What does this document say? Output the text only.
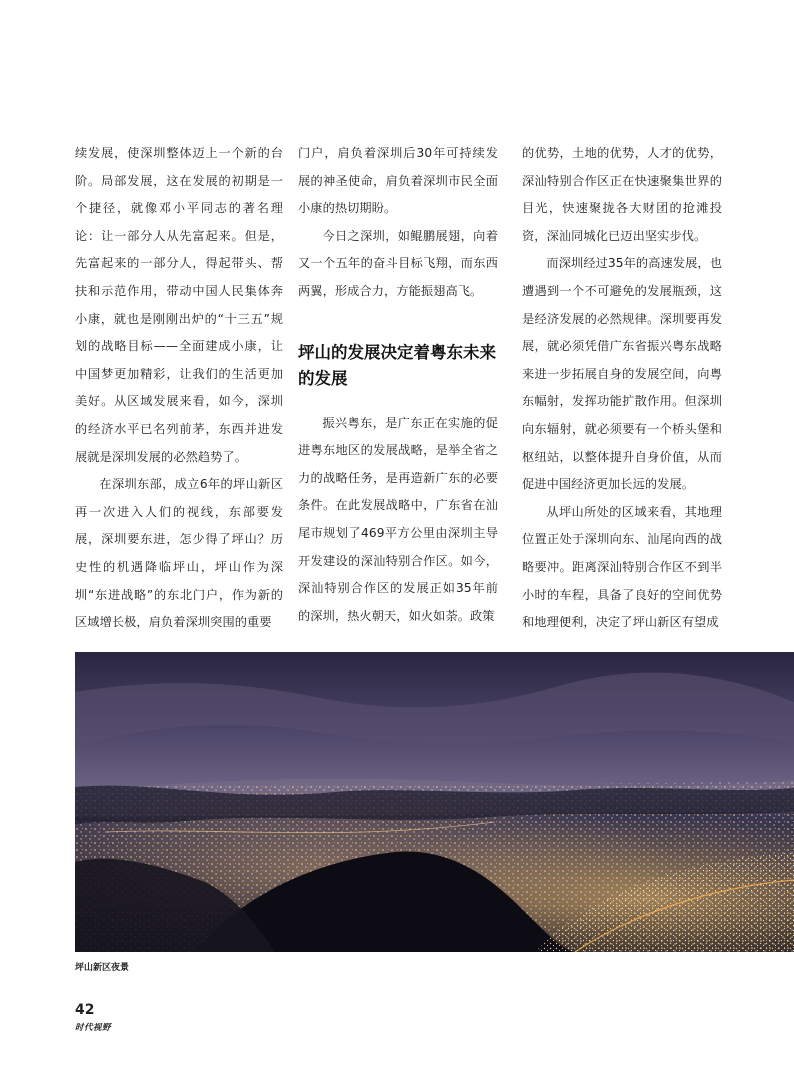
续发展，使深圳整体迈上一个新的台阶。局部发展，这在发展的初期是一个捷径，就像邓小平同志的著名理论：让一部分人从先富起来。但是，先富起来的一部分人，得起带头、帮扶和示范作用，带动中国人民集体奔小康，就也是刚刚出炉的“十三五”规划的战略目标——全面建成小康，让中国梦更加精彩，让我们的生活更加美好。从区域发展来看，如今，深圳的经济水平已名列前茅，东西并进发展就是深圳发展的必然趋势了。

在深圳东部，成立6年的坪山新区再一次进入人们的视线，东部要发展，深圳要东进，怎少得了坪山？历史性的机遇降临坪山，坪山作为深圳“东进战略”的东北门户，作为新的区域增长极，肩负着深圳突围的重要

门户，肩负着深圳后30年可持续发展的神圣使命，肩负着深圳市民全面小康的热切期盼。

今日之深圳，如鲲鹏展翅，向着又一个五年的奋斗目标飞翔，而东西两翼，形成合力，方能振翅高飞。

坪山的发展决定着粤东未来的发展

振兴粤东，是广东正在实施的促进粤东地区的发展战略，是举全省之力的战略任务，是再造新广东的必要条件。在此发展战略中，广东省在汕尾市规划了469平方公里由深圳主导开发建设的深汕特别合作区。如今，深汕特别合作区的发展正如35年前的深圳，热火朝天，如火如荼。政策

的优势，土地的优势，人才的优势，深汕特别合作区正在快速聚集世界的目光，快速聚拢各大财团的抢滩投资，深汕同城化已迈出坚实步伐。

而深圳经过35年的高速发展，也遭遇到一个不可避免的发展瓶颈，这是经济发展的必然规律。深圳要再发展，就必须凭借广东省振兴粤东战略来进一步拓展自身的发展空间，向粤东幅射，发挥功能扩散作用。但深圳向东辐射，就必须要有一个桥头堡和枢纽站，以整体提升自身价值，从而促进中国经济更加长远的发展。

从坪山所处的区域来看，其地理位置正处于深圳向东、汕尾向西的战略要冲。距离深汕特别合作区不到半小时的车程，具备了良好的空间优势和地理便利，决定了坪山新区有望成

坪山新区夜景
42
时代视野
